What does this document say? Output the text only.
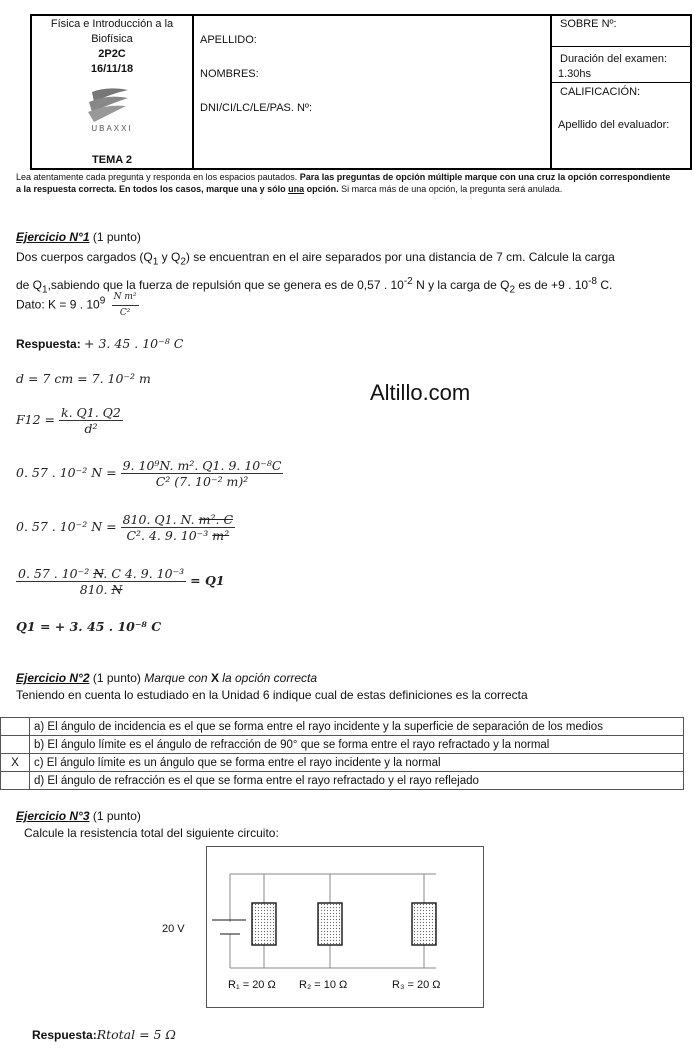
Física e Introducción a la
Biofísica
2P2C
16/11/18
UBAXXI
TEMA 2
APELLIDO:
NOMBRES:
DNI/CI/LC/LE/PAS. Nº:
SOBRE Nº:
Duración del examen:
1.30hs
CALIFICACIÓN:
Apellido del evaluador:
Lea atentamente cada pregunta y responda en los espacios pautados. Para las preguntas de opción múltiple marque con una cruz la opción correspondiente a la respuesta correcta. En todos los casos, marque una y sólo una opción. Si marca más de una opción, la pregunta será anulada.
Ejercicio N°1 (1 punto)
Dos cuerpos cargados ($Q_1$ y $Q_2$) se encuentran en el aire separados por una distancia de 7 cm. Calcule la carga
de $Q_1,sabiendo$ que la fuerza de repulsión que se genera es de 0,57 . $10^{-2}$ N y la carga de $Q_2$ es de +9 . $10^{-8}$ C.
Dato: K = 9 . $10^9 \frac{\text{N m²}}{\text{C²}}$
Respuesta: + 3. 45 . 10⁻⁸ C
Altillo.com
d = 7 cm = 7. 10⁻² m
$F12 = \frac{k. Q1. Q2}{\text{d²}}$
0. 57 . 10⁻² $N = \frac{\text{9. 10⁹N. m². Q1. 9. 10⁻⁸C}}{\text{C² (7. 10⁻² m)²}}$
0. 57 . 10⁻² $N = \frac{\text{810. Q1. N. m². C}}{\text{C². 4. 9. 10⁻³ m²}}$
$\frac{\text{0. 57 . 10⁻² N. C 4. 9. 10⁻³}}{810. N} = Q1$
Q1 = + 3. 45 . 10⁻⁸ C
Ejercicio N°2 (1 punto) Marque con X la opción correcta
Teniendo en cuenta lo estudiado en la Unidad 6 indique cual de estas definiciones es la correcta
	a) El ángulo de incidencia es el que se forma entre el rayo incidente y la superficie de separación de los medios
	b) El ángulo límite es el ángulo de refracción de 90° que se forma entre el rayo refractado y la normal
X	c) El ángulo límite es un ángulo que se forma entre el rayo incidente y la normal
	d) El ángulo de refracción es el que se forma entre el rayo refractado y el rayo reflejado
Ejercicio N°3 (1 punto)
Calcule la resistencia total del siguiente circuito:
20 V
R₁ = 20 Ω R₂ = 10 Ω	R₃ = 20 Ω
Respuesta:Rtotal = 5 Ω
